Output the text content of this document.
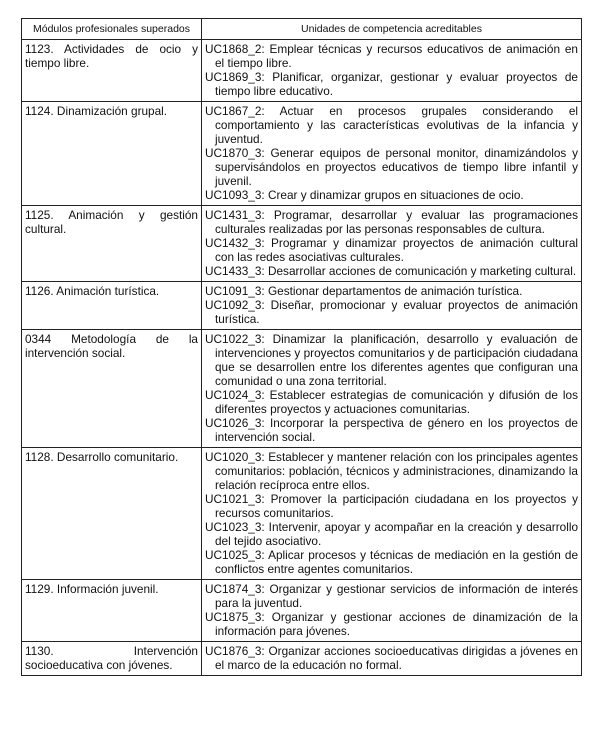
Módulos profesionales superados	Unidades de competencia acreditables
1123. Actividades de ocio y tiempo libre.	UC1868_2: Emplear técnicas y recursos educativos de animación en el tiempo libre.

UC1869_3: Planificar, organizar, gestionar y evaluar proyectos de tiempo libre educativo.

1124. Dinamización grupal.	UC1867_2: Actuar en procesos grupales considerando el comportamiento y las características evolutivas de la infancia y juventud.

UC1870_3: Generar equipos de personal monitor, dinamizándolos y supervisándolos en proyectos educativos de tiempo libre infantil y juvenil.

UC1093_3: Crear y dinamizar grupos en situaciones de ocio.

1125. Animación y gestión cultural.	UC1431_3: Programar, desarrollar y evaluar las programaciones culturales realizadas por las personas responsables de cultura.

UC1432_3: Programar y dinamizar proyectos de animación cultural con las redes asociativas culturales.

UC1433_3: Desarrollar acciones de comunicación y marketing cultural.

1126. Animación turística.	UC1091_3: Gestionar departamentos de animación turística.

UC1092_3: Diseñar, promocionar y evaluar proyectos de animación turística.

0344 Metodología de la intervención social.	UC1022_3: Dinamizar la planificación, desarrollo y evaluación de intervenciones y proyectos comunitarios y de participación ciudadana que se desarrollen entre los diferentes agentes que configuran una comunidad o una zona territorial.

UC1024_3: Establecer estrategias de comunicación y difusión de los diferentes proyectos y actuaciones comunitarias.

UC1026_3: Incorporar la perspectiva de género en los proyectos de intervención social.

1128. Desarrollo comunitario.	UC1020_3: Establecer y mantener relación con los principales agentes comunitarios: población, técnicos y administraciones, dinamizando la relación recíproca entre ellos.

UC1021_3: Promover la participación ciudadana en los proyectos y recursos comunitarios.

UC1023_3: Intervenir, apoyar y acompañar en la creación y desarrollo del tejido asociativo.

UC1025_3: Aplicar procesos y técnicas de mediación en la gestión de conflictos entre agentes comunitarios.

1129. Información juvenil.	UC1874_3: Organizar y gestionar servicios de información de interés para la juventud.

UC1875_3: Organizar y gestionar acciones de dinamización de la información para jóvenes.

1130. Intervención socioeducativa con jóvenes.	UC1876_3: Organizar acciones socioeducativas dirigidas a jóvenes en el marco de la educación no formal.
